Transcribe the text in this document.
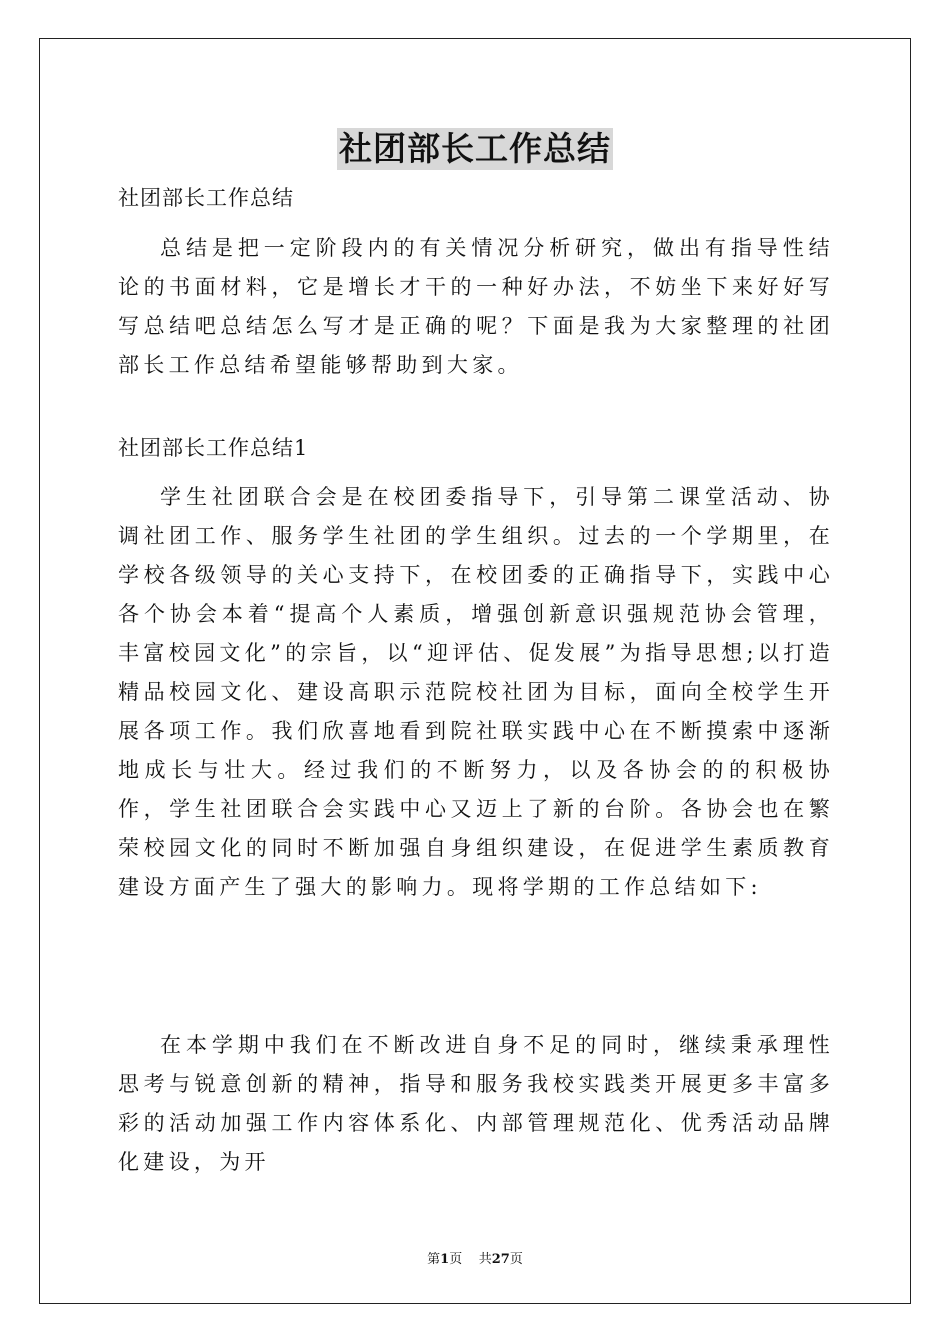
社团部长工作总结
社团部长工作总结
总结是把一定阶段内的有关情况分析研究，做出有指导性结论的书面材料，它是增长才干的一种好办法，不妨坐下来好好写写总结吧总结怎么写才是正确的呢？下面是我为大家整理的社团部长工作总结希望能够帮助到大家。
社团部长工作总结1
学生社团联合会是在校团委指导下，引导第二课堂活动、协调社团工作、服务学生社团的学生组织。过去的一个学期里，在学校各级领导的关心支持下，在校团委的正确指导下，实践中心各个协会本着“提高个人素质，增强创新意识强规范协会管理，丰富校园文化”的宗旨，以“迎评估、促发展”为指导思想;以打造精品校园文化、建设高职示范院校社团为目标，面向全校学生开展各项工作。我们欣喜地看到院社联实践中心在不断摸索中逐渐地成长与壮大。经过我们的不断努力，以及各协会的的积极协作，学生社团联合会实践中心又迈上了新的台阶。各协会也在繁荣校园文化的同时不断加强自身组织建设，在促进学生素质教育建设方面产生了强大的影响力。现将学期的工作总结如下:
在本学期中我们在不断改进自身不足的同时，继续秉承理性思考与锐意创新的精神，指导和服务我校实践类开展更多丰富多彩的活动加强工作内容体系化、内部管理规范化、优秀活动品牌化建设，为开
第1页 共27页
